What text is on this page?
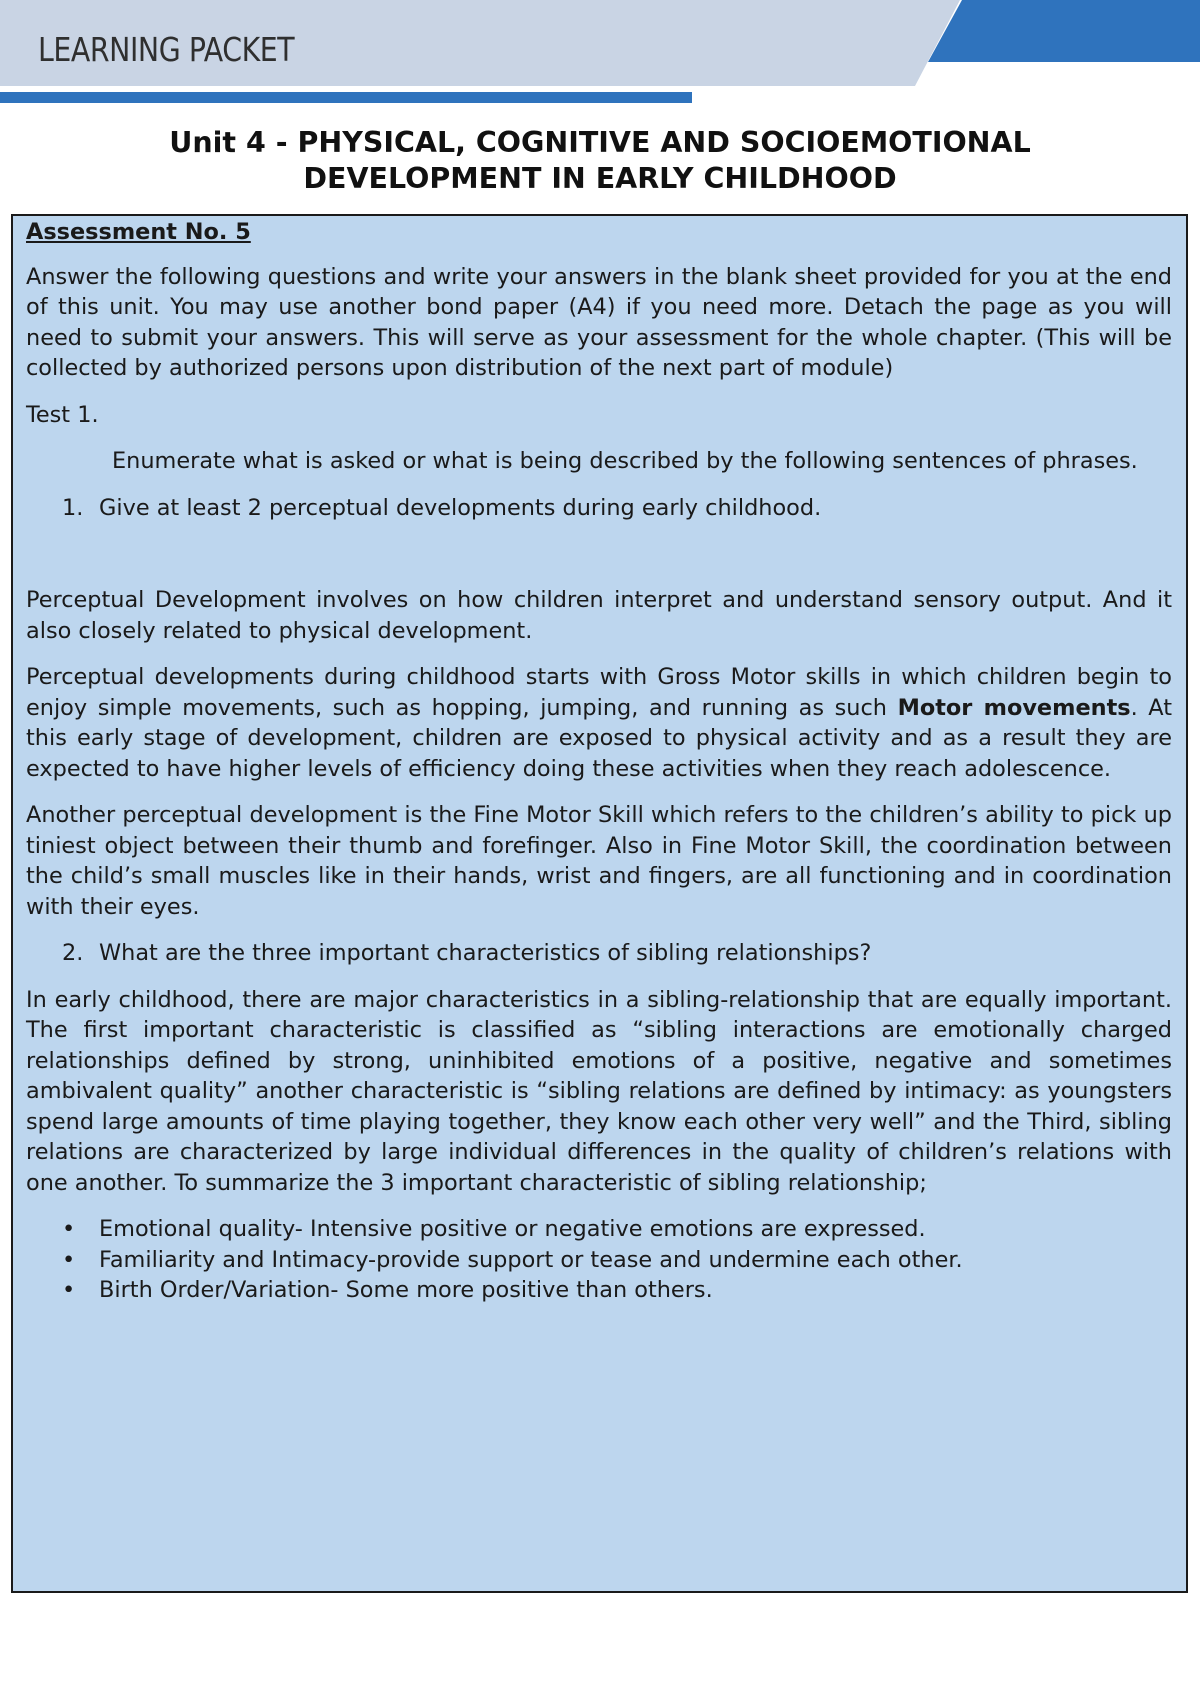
LEARNING PACKET
Unit 4 - PHYSICAL, COGNITIVE AND SOCIOEMOTIONAL
DEVELOPMENT IN EARLY CHILDHOOD

Assessment No. 5

Answer the following questions and write your answers in the blank sheet provided for you at the end of this unit. You may use another bond paper (A4) if you need more. Detach the page as you will need to submit your answers. This will serve as your assessment for the whole chapter. (This will be collected by authorized persons upon distribution of the next part of module)

Test 1.

Enumerate what is asked or what is being described by the following sentences of phrases.

1. Give at least 2 perceptual developments during early childhood.

Perceptual Development involves on how children interpret and understand sensory output. And it also closely related to physical development.

Perceptual developments during childhood starts with Gross Motor skills in which children begin to enjoy simple movements, such as hopping, jumping, and running as such Motor movements. At this early stage of development, children are exposed to physical activity and as a result they are expected to have higher levels of efficiency doing these activities when they reach adolescence.

Another perceptual development is the Fine Motor Skill which refers to the children’s ability to pick up tiniest object between their thumb and forefinger. Also in Fine Motor Skill, the coordination between the child’s small muscles like in their hands, wrist and fingers, are all functioning and in coordination with their eyes.

2. What are the three important characteristics of sibling relationships?

In early childhood, there are major characteristics in a sibling-relationship that are equally important. The first important characteristic is classified as “sibling interactions are emotionally charged relationships defined by strong, uninhibited emotions of a positive, negative and sometimes ambivalent quality” another characteristic is “sibling relations are defined by intimacy: as youngsters spend large amounts of time playing together, they know each other very well” and the Third, sibling relations are characterized by large individual differences in the quality of children’s relations with one another. To summarize the 3 important characteristic of sibling relationship;

• Emotional quality- Intensive positive or negative emotions are expressed.
• Familiarity and Intimacy-provide support or tease and undermine each other.
• Birth Order/Variation- Some more positive than others.
